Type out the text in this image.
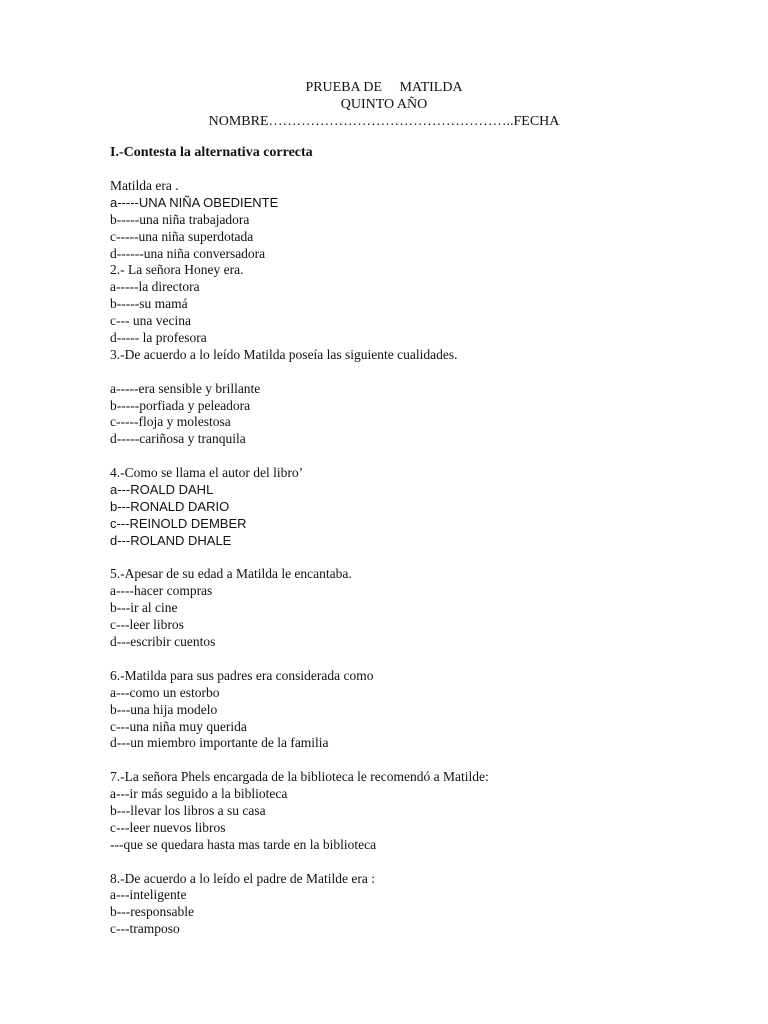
PRUEBA DE     MATILDA
QUINTO AÑO
NOMBRE……………………………………………..FECHA
I.-Contesta la alternativa correcta
Matilda era .
a-----UNA NIÑA OBEDIENTE
b-----una niña trabajadora
c-----una niña superdotada
d------una niña conversadora
2.- La señora Honey era.
a-----la directora
b-----su mamá
c--- una vecina
d----- la profesora
3.-De acuerdo a lo leído Matilda poseía las siguiente cualidades.
a-----era sensible y brillante
b-----porfiada y peleadora
c-----floja y molestosa
d-----cariñosa y tranquila
4.-Como se llama el autor del libro’
a---ROALD DAHL
b---RONALD DARIO
c---REINOLD DEMBER
d---ROLAND DHALE
5.-Apesar de su edad a Matilda le encantaba.
a----hacer compras
b---ir al cine
c---leer libros
d---escribir cuentos
6.-Matilda para sus padres era considerada como
a---como un estorbo
b---una hija modelo
c---una niña muy querida
d---un miembro importante de la familia
7.-La señora Phels encargada de la biblioteca le recomendó a Matilde:
a---ir más seguido a la biblioteca
b---llevar los libros a su casa
c---leer nuevos libros
---que se quedara hasta mas tarde en la biblioteca
8.-De acuerdo a lo leído el padre de Matilde era :
a---inteligente
b---responsable
c---tramposo
